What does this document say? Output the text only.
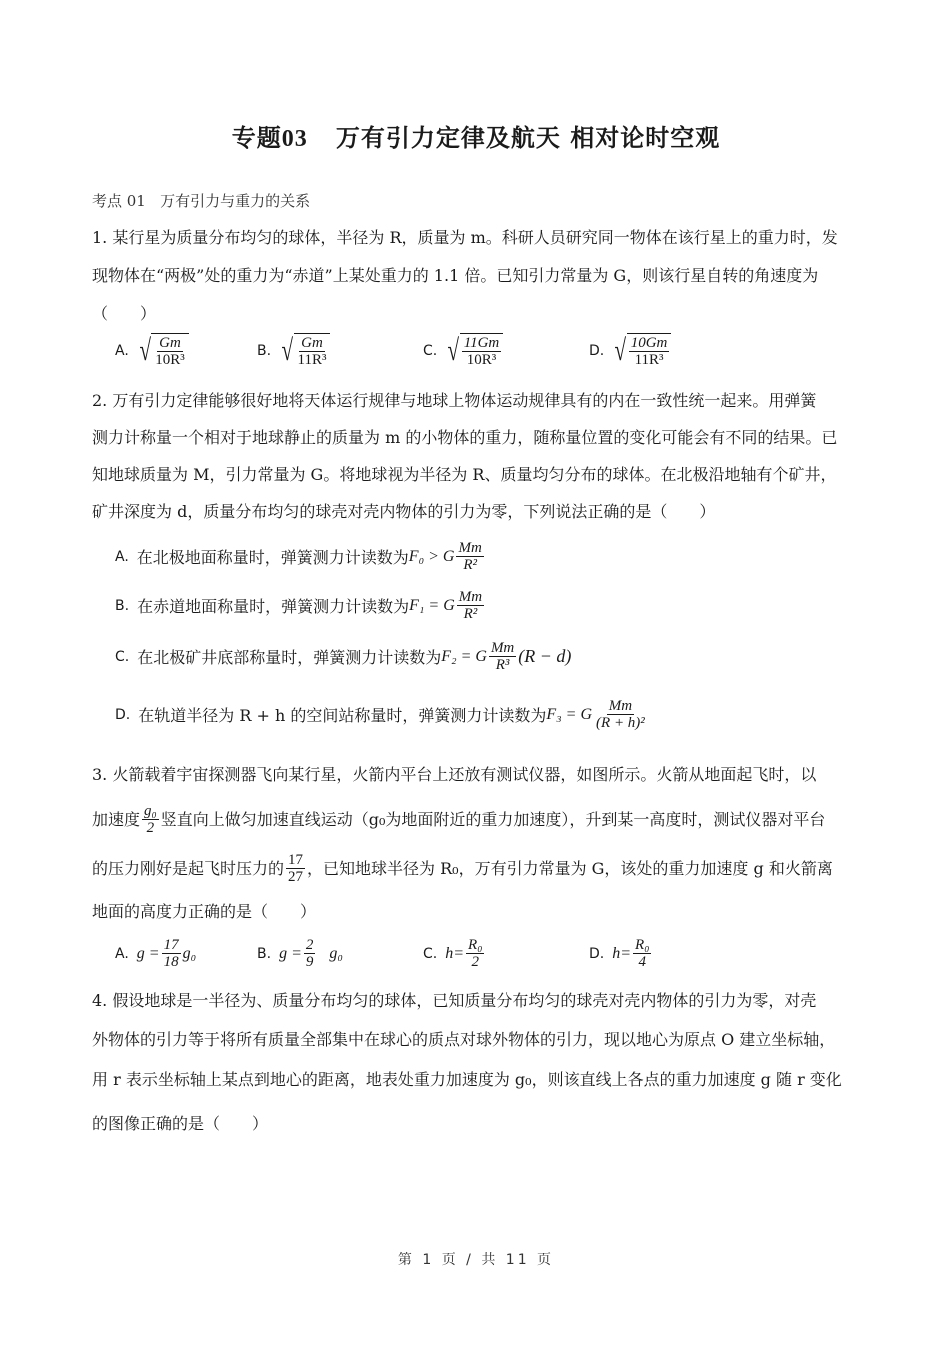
专题03 万有引力定律及航天 相对论时空观
考点 01 万有引力与重力的关系
1. 某行星为质量分布均匀的球体，半径为 R，质量为 m。科研人员研究同一物体在该行星上的重力时，发
现物体在“两极”处的重力为“赤道”上某处重力的 1.1 倍。已知引力常量为 G，则该行星自转的角速度为
（　　）
A. √ $\frac{Gm}{\text{10R³}}$	B. √ $\frac{Gm}{\text{11R³}}$	C. √ $\frac{11Gm}{\text{10R³}}$	D. √ $\frac{10Gm}{\text{11R³}}$
2. 万有引力定律能够很好地将天体运行规律与地球上物体运动规律具有的内在一致性统一起来。用弹簧
测力计称量一个相对于地球静止的质量为 m 的小物体的重力，随称量位置的变化可能会有不同的结果。已
知地球质量为 M，引力常量为 G。将地球视为半径为 R、质量均匀分布的球体。在北极沿地轴有个矿井，
矿井深度为 d，质量分布均匀的球壳对壳内物体的引力为零，下列说法正确的是（　　）
A. 在北极地面称量时，弹簧测力计读数为 F₀ > G $\frac{Mm}{\text{R²}}$
B. 在赤道地面称量时，弹簧测力计读数为 F₁ = G $\frac{Mm}{\text{R²}}$
C. 在北极矿井底部称量时，弹簧测力计读数为 F₂ = G $\frac{Mm}{\text{R³}} (R - d)$
D. 在轨道半径为 R + h 的空间站称量时，弹簧测力计读数为 F₃ = G $\frac{Mm}{\text{(R + h)²}}$
3. 火箭载着宇宙探测器飞向某行星，火箭内平台上还放有测试仪器，如图所示。火箭从地面起飞时，以
加速度 $\frac{\text{g₀}}{2}$ 竖直向上做匀加速直线运动（g₀为地面附近的重力加速度），升到某一高度时，测试仪器对平台
的压力刚好是起飞时压力的 $\frac{17}{27}$ ，已知地球半径为 R₀，万有引力常量为 G，该处的重力加速度 g 和火箭离
地面的高度力正确的是（　　）
A. $g = \frac{17}{18} g_0$	B. $g = \frac{2}{9}$
g₀	C. $h= \frac{\text{R₀}}{2}$	D. $h= \frac{\text{R₀}}{4}$
4. 假设地球是一半径为、质量分布均匀的球体，已知质量分布均匀的球壳对壳内物体的引力为零，对壳
外物体的引力等于将所有质量全部集中在球心的质点对球外物体的引力，现以地心为原点 O 建立坐标轴，
用 r 表示坐标轴上某点到地心的距离，地表处重力加速度为 g₀，则该直线上各点的重力加速度 g 随 r 变化
的图像正确的是（　　）
第 1 页 / 共 11 页
